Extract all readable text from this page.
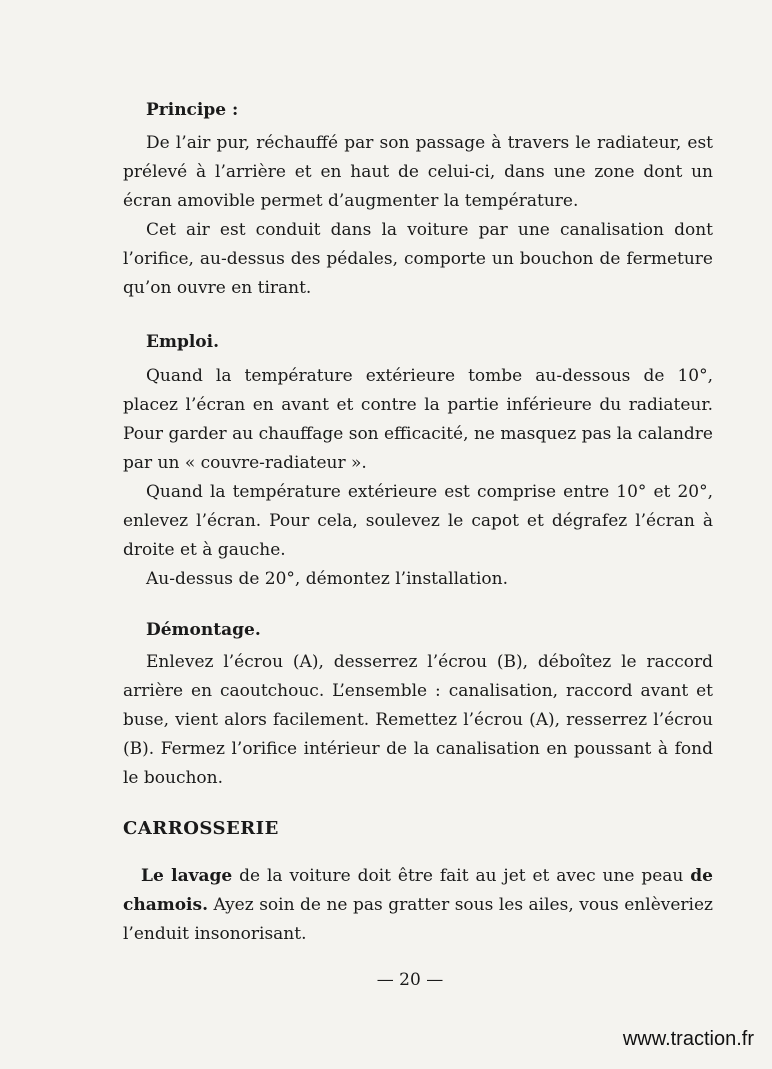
Principe :

De l’air pur, réchauffé par son passage à travers le radiateur, est prélevé à l’arrière et en haut de celui-ci, dans une zone dont un écran amovible permet d’augmenter la température.

Cet air est conduit dans la voiture par une canalisation dont l’orifice, au-dessus des pédales, comporte un bouchon de fermeture qu’on ouvre en tirant.

Emploi.

Quand la température extérieure tombe au-dessous de 10°, placez l’écran en avant et contre la partie inférieure du radiateur. Pour garder au chauffage son efficacité, ne masquez pas la calandre par un « couvre-radiateur ».

Quand la température extérieure est comprise entre 10° et 20°, enlevez l’écran. Pour cela, soulevez le capot et dégrafez l’écran à droite et à gauche.

Au-dessus de 20°, démontez l’installation.

Démontage.

Enlevez l’écrou (A), desserrez l’écrou (B), déboîtez le raccord arrière en caoutchouc. L’ensemble : canalisation, raccord avant et buse, vient alors facilement. Remettez l’écrou (A), resserrez l’écrou (B). Fermez l’orifice intérieur de la canalisation en poussant à fond le bouchon.

CARROSSERIE

Le lavage de la voiture doit être fait au jet et avec une peau de chamois. Ayez soin de ne pas gratter sous les ailes, vous enlèveriez l’enduit insonorisant.

— 20 —
www.traction.fr
